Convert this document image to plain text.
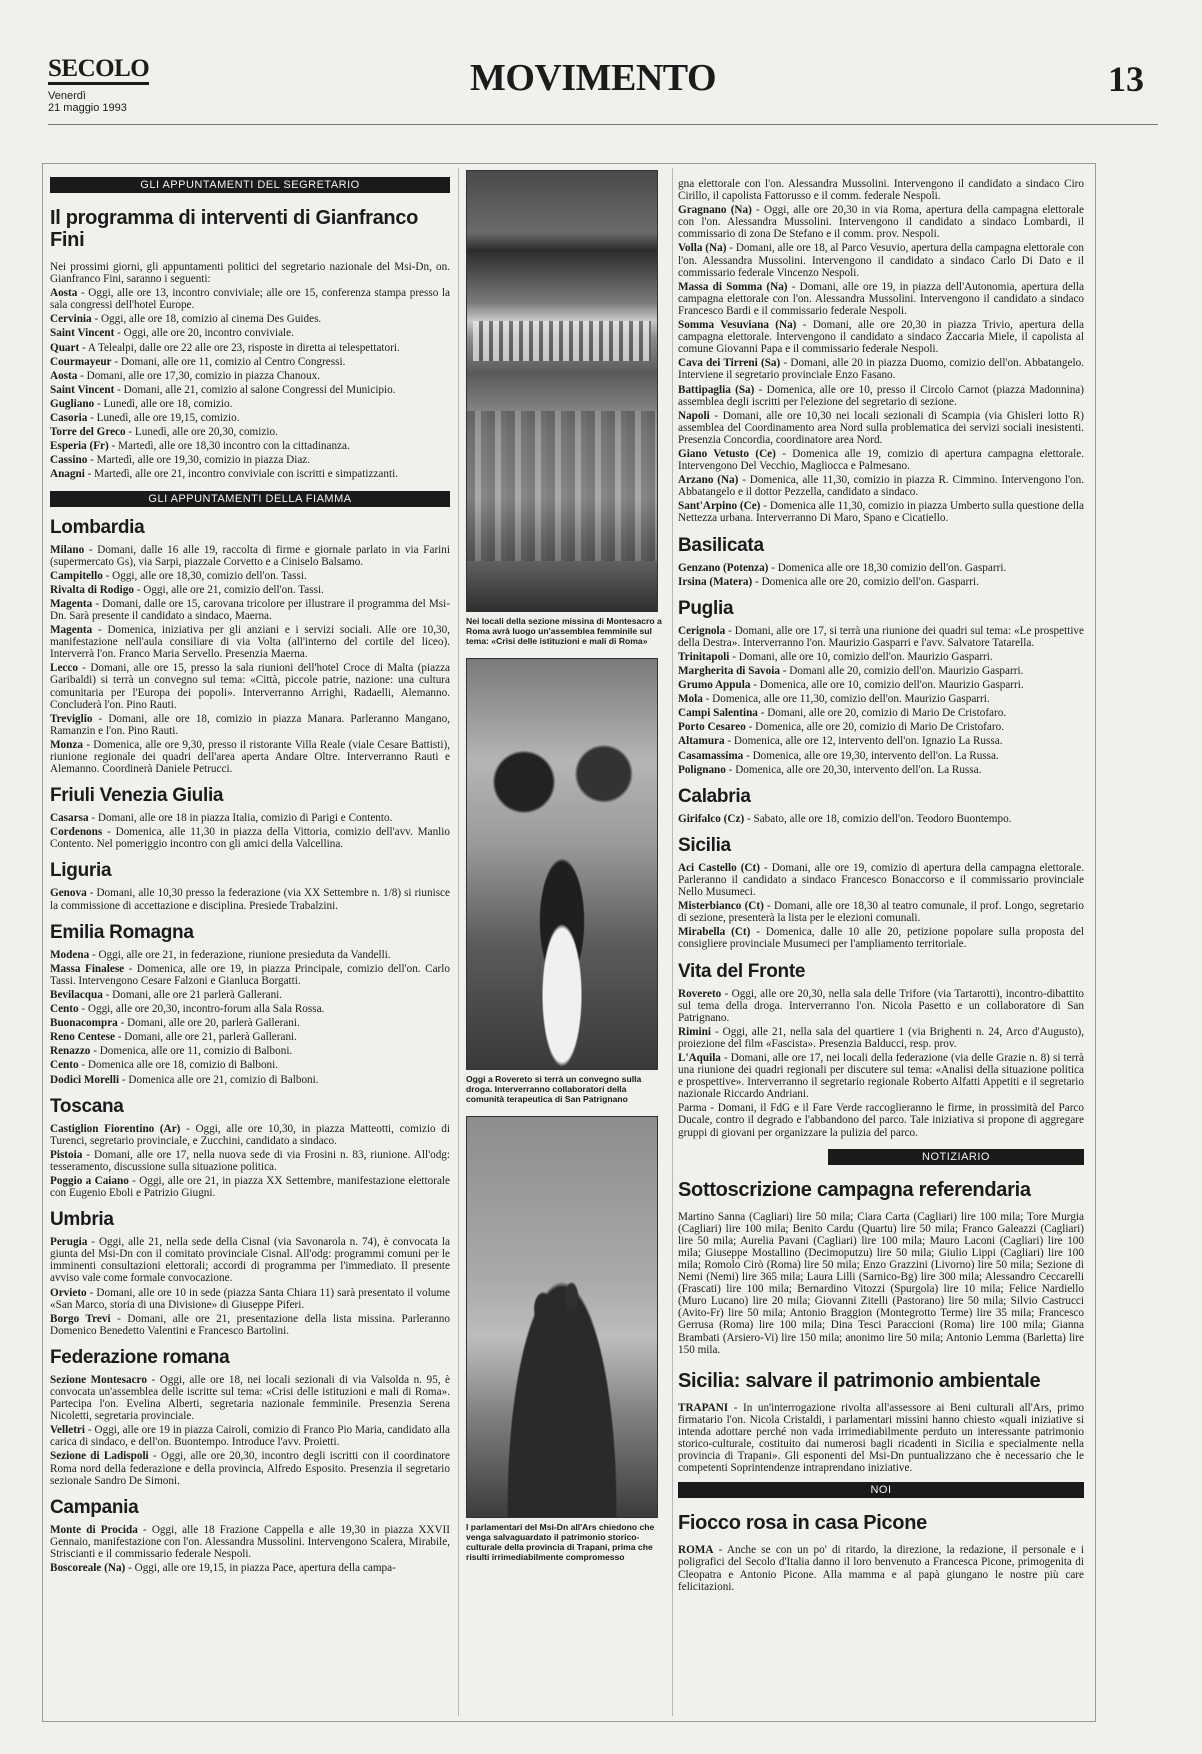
SECOLO
Venerdì
21 maggio 1993
MOVIMENTO	13
GLI APPUNTAMENTI DEL SEGRETARIO
Il programma di interventi di Gianfranco Fini

Nei prossimi giorni, gli appuntamenti politici del segretario nazionale del Msi-Dn, on. Gianfranco Fini, saranno i seguenti:

Aosta - Oggi, alle ore 13, incontro conviviale; alle ore 15, conferenza stampa presso la sala congressi dell'hotel Europe.

Cervinia - Oggi, alle ore 18, comizio al cinema Des Guides.

Saint Vincent - Oggi, alle ore 20, incontro conviviale.

Quart - A Telealpi, dalle ore 22 alle ore 23, risposte in diretta ai telespettatori.

Courmayeur - Domani, alle ore 11, comizio al Centro Congressi.

Aosta - Domani, alle ore 17,30, comizio in piazza Chanoux.

Saint Vincent - Domani, alle 21, comizio al salone Congressi del Municipio.

Gugliano - Lunedì, alle ore 18, comizio.

Casoria - Lunedì, alle ore 19,15, comizio.

Torre del Greco - Lunedì, alle ore 20,30, comizio.

Esperia (Fr) - Martedì, alle ore 18,30 incontro con la cittadinanza.

Cassino - Martedì, alle ore 19,30, comizio in piazza Diaz.

Anagni - Martedì, alle ore 21, incontro conviviale con iscritti e simpatizzanti.

GLI APPUNTAMENTI DELLA FIAMMA
Lombardia

Milano - Domani, dalle 16 alle 19, raccolta di firme e giornale parlato in via Farini (supermercato Gs), via Sarpi, piazzale Corvetto e a Ciniselo Balsamo.

Campitello - Oggi, alle ore 18,30, comizio dell'on. Tassi.

Rivalta di Rodigo - Oggi, alle ore 21, comizio dell'on. Tassi.

Magenta - Domani, dalle ore 15, carovana tricolore per illustrare il programma del Msi-Dn. Sarà presente il candidato a sindaco, Maerna.

Magenta - Domenica, iniziativa per gli anziani e i servizi sociali. Alle ore 10,30, manifestazione nell'aula consiliare di via Volta (all'interno del cortile del liceo). Interverrà l'on. Franco Maria Servello. Presenzia Maerna.

Lecco - Domani, alle ore 15, presso la sala riunioni dell'hotel Croce di Malta (piazza Garibaldi) si terrà un convegno sul tema: «Città, piccole patrie, nazione: una cultura comunitaria per l'Europa dei popoli». Interverranno Arrighi, Radaelli, Alemanno. Concluderà l'on. Pino Rauti.

Treviglio - Domani, alle ore 18, comizio in piazza Manara. Parleranno Mangano, Ramanzin e l'on. Pino Rauti.

Monza - Domenica, alle ore 9,30, presso il ristorante Villa Reale (viale Cesare Battisti), riunione regionale dei quadri dell'area aperta Andare Oltre. Interverranno Rauti e Alemanno. Coordinerà Daniele Petrucci.

Friuli Venezia Giulia

Casarsa - Domani, alle ore 18 in piazza Italia, comizio di Parigi e Contento.

Cordenons - Domenica, alle 11,30 in piazza della Vittoria, comizio dell'avv. Manlio Contento. Nel pomeriggio incontro con gli amici della Valcellina.

Liguria

Genova - Domani, alle 10,30 presso la federazione (via XX Settembre n. 1/8) si riunisce la commissione di accettazione e disciplina. Presiede Trabalzini.

Emilia Romagna

Modena - Oggi, alle ore 21, in federazione, riunione presieduta da Vandelli.

Massa Finalese - Domenica, alle ore 19, in piazza Principale, comizio dell'on. Carlo Tassi. Intervengono Cesare Falzoni e Gianluca Borgatti.

Bevilacqua - Domani, alle ore 21 parlerà Gallerani.

Cento - Oggi, alle ore 20,30, incontro-forum alla Sala Rossa.

Buonacompra - Domani, alle ore 20, parlerà Gallerani.

Reno Centese - Domani, alle ore 21, parlerà Gallerani.

Renazzo - Domenica, alle ore 11, comizio di Balboni.

Cento - Domenica alle ore 18, comizio di Balboni.

Dodici Morelli - Domenica alle ore 21, comizio di Balboni.

Toscana

Castiglion Fiorentino (Ar) - Oggi, alle ore 10,30, in piazza Matteotti, comizio di Turenci, segretario provinciale, e Zucchini, candidato a sindaco.

Pistoia - Domani, alle ore 17, nella nuova sede di via Frosini n. 83, riunione. All'odg: tesseramento, discussione sulla situazione politica.

Poggio a Caiano - Oggi, alle ore 21, in piazza XX Settembre, manifestazione elettorale con Eugenio Eboli e Patrizio Giugni.

Umbria

Perugia - Oggi, alle 21, nella sede della Cisnal (via Savonarola n. 74), è convocata la giunta del Msi-Dn con il comitato provinciale Cisnal. All'odg: programmi comuni per le imminenti consultazioni elettorali; accordi di programma per l'immediato. Il presente avviso vale come formale convocazione.

Orvieto - Domani, alle ore 10 in sede (piazza Santa Chiara 11) sarà presentato il volume «San Marco, storia di una Divisione» di Giuseppe Piferi.

Borgo Trevi - Domani, alle ore 21, presentazione della lista missina. Parleranno Domenico Benedetto Valentini e Francesco Bartolini.

Federazione romana

Sezione Montesacro - Oggi, alle ore 18, nei locali sezionali di via Valsolda n. 95, è convocata un'assemblea delle iscritte sul tema: «Crisi delle istituzioni e mali di Roma». Partecipa l'on. Evelina Alberti, segretaria nazionale femminile. Presenzia Serena Nicoletti, segretaria provinciale.

Velletri - Oggi, alle ore 19 in piazza Cairoli, comizio di Franco Pio Maria, candidato alla carica di sindaco, e dell'on. Buontempo. Introduce l'avv. Proietti.

Sezione di Ladispoli - Oggi, alle ore 20,30, incontro degli iscritti con il coordinatore Roma nord della federazione e della provincia, Alfredo Esposito. Presenzia il segretario sezionale Sandro De Simoni.

Campania

Monte di Procida - Oggi, alle 18 Frazione Cappella e alle 19,30 in piazza XXVII Gennaio, manifestazione con l'on. Alessandra Mussolini. Intervengono Scalera, Mirabile, Striscianti e il commissario federale Nespoli.

Boscoreale (Na) - Oggi, alle ore 19,15, in piazza Pace, apertura della campa-

Nei locali della sezione missina di Montesacro a Roma avrà luogo un'assemblea femminile sul tema: «Crisi delle istituzioni e mali di Roma»
Oggi a Rovereto si terrà un convegno sulla droga. Interverranno collaboratori della comunità terapeutica di San Patrignano
I parlamentari del Msi-Dn all'Ars chiedono che venga salvaguardato il patrimonio storico-culturale della provincia di Trapani, prima che risulti irrimediabilmente compromesso

gna elettorale con l'on. Alessandra Mussolini. Intervengono il candidato a sindaco Ciro Cirillo, il capolista Fattorusso e il comm. federale Nespoli.

Gragnano (Na) - Oggi, alle ore 20,30 in via Roma, apertura della campagna elettorale con l'on. Alessandra Mussolini. Intervengono il candidato a sindaco Lombardi, il commissario di zona De Stefano e il comm. prov. Nespoli.

Volla (Na) - Domani, alle ore 18, al Parco Vesuvio, apertura della campagna elettorale con l'on. Alessandra Mussolini. Intervengono il candidato a sindaco Carlo Di Dato e il commissario federale Vincenzo Nespoli.

Massa di Somma (Na) - Domani, alle ore 19, in piazza dell'Autonomia, apertura della campagna elettorale con l'on. Alessandra Mussolini. Intervengono il candidato a sindaco Francesco Bardi e il commissario federale Nespoli.

Somma Vesuviana (Na) - Domani, alle ore 20,30 in piazza Trivio, apertura della campagna elettorale. Intervengono il candidato a sindaco Zaccaria Miele, il capolista al comune Giovanni Papa e il commissario federale Nespoli.

Cava dei Tirreni (Sa) - Domani, alle 20 in piazza Duomo, comizio dell'on. Abbatangelo. Interviene il segretario provinciale Enzo Fasano.

Battipaglia (Sa) - Domenica, alle ore 10, presso il Circolo Carnot (piazza Madonnina) assemblea degli iscritti per l'elezione del segretario di sezione.

Napoli - Domani, alle ore 10,30 nei locali sezionali di Scampia (via Ghisleri lotto R) assemblea del Coordinamento area Nord sulla problematica dei servizi sociali inesistenti. Presenzia Concordia, coordinatore area Nord.

Giano Vetusto (Ce) - Domenica alle 19, comizio di apertura campagna elettorale. Intervengono Del Vecchio, Magliocca e Palmesano.

Arzano (Na) - Domenica, alle 11,30, comizio in piazza R. Cimmino. Intervengono l'on. Abbatangelo e il dottor Pezzella, candidato a sindaco.

Sant'Arpino (Ce) - Domenica alle 11,30, comizio in piazza Umberto sulla questione della Nettezza urbana. Interverranno Di Maro, Spano e Cicatiello.

Basilicata

Genzano (Potenza) - Domenica alle ore 18,30 comizio dell'on. Gasparri.

Irsina (Matera) - Domenica alle ore 20, comizio dell'on. Gasparri.

Puglia

Cerignola - Domani, alle ore 17, si terrà una riunione dei quadri sul tema: «Le prospettive della Destra». Interverranno l'on. Maurizio Gasparri e l'avv. Salvatore Tatarella.

Trinitapoli - Domani, alle ore 10, comizio dell'on. Maurizio Gasparri.

Margherita di Savoia - Domani alle 20, comizio dell'on. Maurizio Gasparri.

Grumo Appula - Domenica, alle ore 10, comizio dell'on. Maurizio Gasparri.

Mola - Domenica, alle ore 11,30, comizio dell'on. Maurizio Gasparri.

Campi Salentina - Domani, alle ore 20, comizio di Mario De Cristofaro.

Porto Cesareo - Domenica, alle ore 20, comizio di Mario De Cristofaro.

Altamura - Domenica, alle ore 12, intervento dell'on. Ignazio La Russa.

Casamassima - Domenica, alle ore 19,30, intervento dell'on. La Russa.

Polignano - Domenica, alle ore 20,30, intervento dell'on. La Russa.

Calabria

Girifalco (Cz) - Sabato, alle ore 18, comizio dell'on. Teodoro Buontempo.

Sicilia

Aci Castello (Ct) - Domani, alle ore 19, comizio di apertura della campagna elettorale. Parleranno il candidato a sindaco Francesco Bonaccorso e il commissario provinciale Nello Musumeci.

Misterbianco (Ct) - Domani, alle ore 18,30 al teatro comunale, il prof. Longo, segretario di sezione, presenterà la lista per le elezioni comunali.

Mirabella (Ct) - Domenica, dalle 10 alle 20, petizione popolare sulla proposta del consigliere provinciale Musumeci per l'ampliamento territoriale.

Vita del Fronte

Rovereto - Oggi, alle ore 20,30, nella sala delle Trifore (via Tartarotti), incontro-dibattito sul tema della droga. Interverranno l'on. Nicola Pasetto e un collaboratore di San Patrignano.

Rimini - Oggi, alle 21, nella sala del quartiere 1 (via Brighenti n. 24, Arco d'Augusto), proiezione del film «Fascista». Presenzia Balducci, resp. prov.

L'Aquila - Domani, alle ore 17, nei locali della federazione (via delle Grazie n. 8) si terrà una riunione dei quadri regionali per discutere sul tema: «Analisi della situazione politica e prospettive». Interverranno il segretario regionale Roberto Alfatti Appetiti e il segretario nazionale Riccardo Andriani.

Parma - Domani, il FdG e il Fare Verde raccoglieranno le firme, in prossimità del Parco Ducale, contro il degrado e l'abbandono del parco. Tale iniziativa si propone di aggregare gruppi di giovani per organizzare la pulizia del parco.

NOTIZIARIO
Sottoscrizione campagna referendaria

Martino Sanna (Cagliari) lire 50 mila; Ciara Carta (Cagliari) lire 100 mila; Tore Murgia (Cagliari) lire 100 mila; Benito Cardu (Quartu) lire 50 mila; Franco Galeazzi (Cagliari) lire 50 mila; Aurelia Pavani (Cagliari) lire 100 mila; Mauro Laconi (Cagliari) lire 100 mila; Giuseppe Mostallino (Decimoputzu) lire 50 mila; Giulio Lippi (Cagliari) lire 100 mila; Romolo Cirò (Roma) lire 50 mila; Enzo Grazzini (Livorno) lire 50 mila; Sezione di Nemi (Nemi) lire 365 mila; Laura Lilli (Sarnico-Bg) lire 300 mila; Alessandro Ceccarelli (Frascati) lire 100 mila; Bernardino Vitozzi (Spurgola) lire 10 mila; Felice Nardiello (Muro Lucano) lire 20 mila; Giovanni Zitelli (Pastorano) lire 50 mila; Silvio Castrucci (Avito-Fr) lire 50 mila; Antonio Braggion (Montegrotto Terme) lire 35 mila; Francesco Gerrusa (Roma) lire 100 mila; Dina Tesci Paraccioni (Roma) lire 100 mila; Gianna Brambati (Arsiero-Vi) lire 150 mila; anonimo lire 50 mila; Antonio Lemma (Barletta) lire 150 mila.

Sicilia: salvare il patrimonio ambientale

TRAPANI - In un'interrogazione rivolta all'assessore ai Beni culturali all'Ars, primo firmatario l'on. Nicola Cristaldi, i parlamentari missini hanno chiesto «quali iniziative si intenda adottare perché non vada irrimediabilmente perduto un interessante patrimonio storico-culturale, costituito dai numerosi bagli ricadenti in Sicilia e specialmente nella provincia di Trapani». Gli esponenti del Msi-Dn puntualizzano che è necessario che le competenti Soprintendenze intraprendano iniziative.

NOI
Fiocco rosa in casa Picone

ROMA - Anche se con un po' di ritardo, la direzione, la redazione, il personale e i poligrafici del Secolo d'Italia danno il loro benvenuto a Francesca Picone, primogenita di Cleopatra e Antonio Picone. Alla mamma e al papà giungano le nostre più care felicitazioni.
